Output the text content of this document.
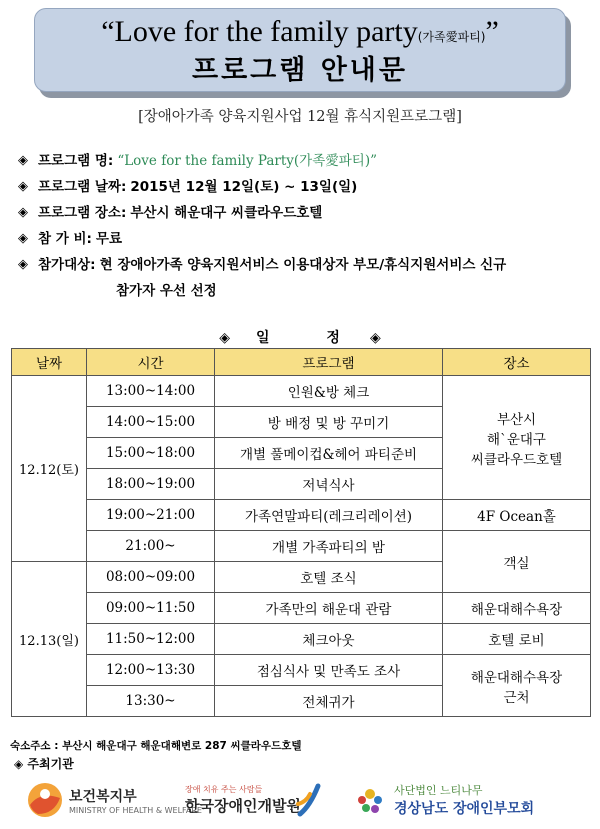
“Love for the family party(가족愛파티)”
프로그램 안내문
[장애아가족 양육지원사업 12월 휴식지원프로그램]
◈ 프로그램 명: “Love for the family Party(가족愛파티)”
◈ 프로그램 날짜: 2015년 12월 12일(토) ~ 13일(일)
◈ 프로그램 장소: 부산시 해운대구 씨클라우드호텔
◈ 참 가 비: 무료
◈ 참가대상: 현 장애아가족 양육지원서비스 이용대상자 부모/휴식지원서비스 신규
참가자 우선 선정
◈ 일 정 ◈
날짜	시간	프로그램	장소
12.12(토)	13:00~14:00	인원&방 체크	부산시
해`운대구
씨클라우드호텔

	14:00~15:00	방 배정 및 방 꾸미기	
	15:00~18:00	개별 풀메이컵&헤어 파티준비	
	18:00~19:00	저녁식사	
	19:00~21:00	가족연말파티(레크리레이션)	4F Ocean홀
	21:00~	개별 가족파티의 밤	객실
12.13(일)	08:00~09:00	호텔 조식	
	09:00~11:50	가족만의 해운대 관람	해운대해수욕장
	11:50~12:00	체크아웃	호텔 로비
	12:00~13:30	점심식사 및 만족도 조사	해운대해수욕장
근처

	13:30~	전체귀가	
숙소주소 : 부산시 해운대구 해운대해변로 287 씨클라우드호텔
◈ 주최기관
보건복지부
MINISTRY OF HEALTH & WELFARE
장애 치유 주는 사람들
한국장애인개발원
사단법인 느티나무
경상남도 장애인부모회
